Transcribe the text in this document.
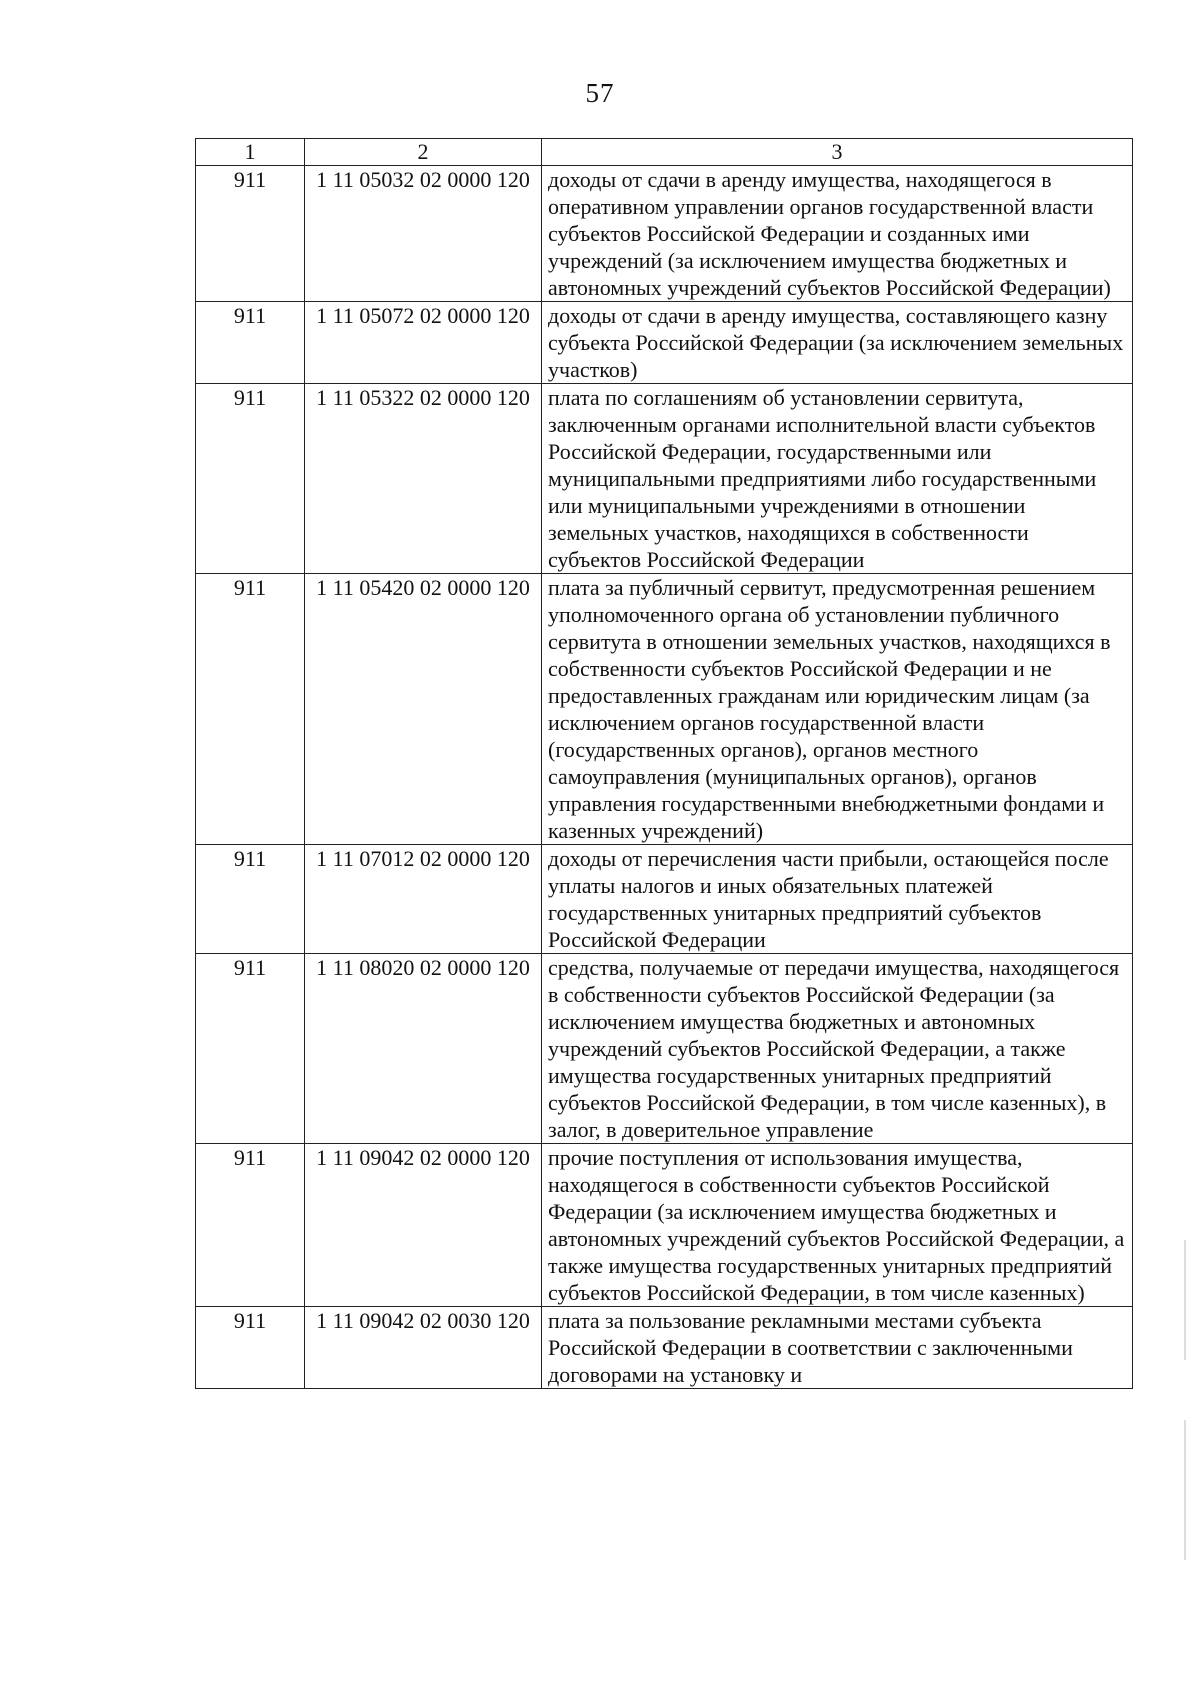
57
1	2	3
911	1 11 05032 02 0000 120	доходы от сдачи в аренду имущества, находящегося в оперативном управлении органов государственной власти субъектов Российской Федерации и созданных ими учреждений (за исключением имущества бюджетных и автономных учреждений субъектов Российской Федерации)
911	1 11 05072 02 0000 120	доходы от сдачи в аренду имущества, составляющего казну субъекта Российской Федерации (за исключением земельных участков)
911	1 11 05322 02 0000 120	плата по соглашениям об установлении сервитута, заключенным органами исполнительной власти субъектов Российской Федерации, государственными или муниципальными предприятиями либо государственными или муниципальными учреждениями в отношении земельных участков, находящихся в собственности субъектов Российской Федерации
911	1 11 05420 02 0000 120	плата за публичный сервитут, предусмотренная решением уполномоченного органа об установлении публичного сервитута в отношении земельных участков, находящихся в собственности субъектов Российской Федерации и не предоставленных гражданам или юридическим лицам (за исключением органов государственной власти (государственных органов), органов местного самоуправления (муниципальных органов), органов управления государственными внебюджетными фондами и казенных учреждений)
911	1 11 07012 02 0000 120	доходы от перечисления части прибыли, остающейся после уплаты налогов и иных обязательных платежей государственных унитарных предприятий субъектов Российской Федерации
911	1 11 08020 02 0000 120	средства, получаемые от передачи имущества, находящегося в собственности субъектов Российской Федерации (за исключением имущества бюджетных и автономных учреждений субъектов Российской Федерации, а также имущества государственных унитарных предприятий субъектов Российской Федерации, в том числе казенных), в залог, в доверительное управление
911	1 11 09042 02 0000 120	прочие поступления от использования имущества, находящегося в собственности субъектов Российской Федерации (за исключением имущества бюджетных и автономных учреждений субъектов Российской Федерации, а также имущества государственных унитарных предприятий субъектов Российской Федерации, в том числе казенных)
911	1 11 09042 02 0030 120	плата за пользование рекламными местами субъекта Российской Федерации в соответствии с заключенными договорами на установку и
